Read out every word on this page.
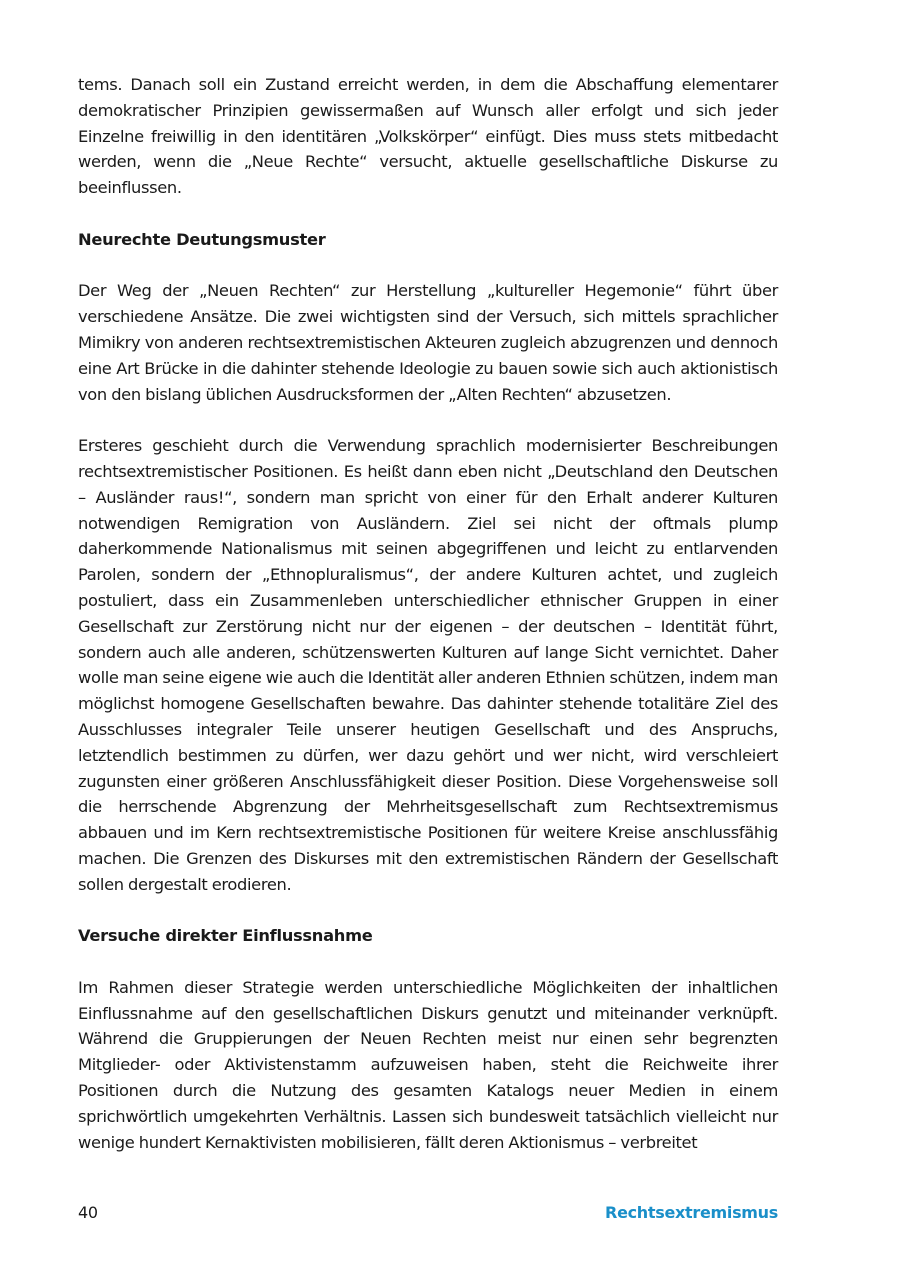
tems. Danach soll ein Zustand erreicht werden, in dem die Abschaffung elementarer demokratischer Prinzipien gewissermaßen auf Wunsch aller erfolgt und sich jeder Einzelne freiwillig in den identitären „Volkskörper“ einfügt. Dies muss stets mitbedacht werden, wenn die „Neue Rechte“ versucht, aktuelle gesellschaftliche Diskurse zu beeinflussen.

Neurechte Deutungsmuster

Der Weg der „Neuen Rechten“ zur Herstellung „kultureller Hegemonie“ führt über verschiedene Ansätze. Die zwei wichtigsten sind der Versuch, sich mittels sprachlicher Mimikry von anderen rechtsextremistischen Akteuren zugleich abzugrenzen und dennoch eine Art Brücke in die dahinter stehende Ideologie zu bauen sowie sich auch aktionistisch von den bislang üblichen Ausdrucksformen der „Alten Rechten“ abzusetzen.

Ersteres geschieht durch die Verwendung sprachlich modernisierter Beschreibungen rechtsextremistischer Positionen. Es heißt dann eben nicht „Deutschland den Deutschen – Ausländer raus!“, sondern man spricht von einer für den Erhalt anderer Kulturen notwendigen Remigration von Ausländern. Ziel sei nicht der oftmals plump daherkommende Nationalismus mit seinen abgegriffenen und leicht zu entlarvenden Parolen, sondern der „Ethnopluralismus“, der andere Kulturen achtet, und zugleich postuliert, dass ein Zusammenleben unterschiedlicher ethnischer Gruppen in einer Gesellschaft zur Zerstörung nicht nur der eigenen – der deutschen – Identität führt, sondern auch alle anderen, schützenswerten Kulturen auf lange Sicht vernichtet. Daher wolle man seine eigene wie auch die Identität aller anderen Ethnien schützen, indem man möglichst homogene Gesellschaften bewahre. Das dahinter stehende totalitäre Ziel des Ausschlusses integraler Teile unserer heutigen Gesellschaft und des Anspruchs, letztendlich bestimmen zu dürfen, wer dazu gehört und wer nicht, wird verschleiert zugunsten einer größeren Anschlussfähigkeit dieser Position. Diese Vorgehensweise soll die herrschende Abgrenzung der Mehrheitsgesellschaft zum Rechtsextremismus abbauen und im Kern rechtsextremistische Positionen für weitere Kreise anschlussfähig machen. Die Grenzen des Diskurses mit den extremistischen Rändern der Gesellschaft sollen dergestalt erodieren.

Versuche direkter Einflussnahme

Im Rahmen dieser Strategie werden unterschiedliche Möglichkeiten der inhaltlichen Einflussnahme auf den gesellschaftlichen Diskurs genutzt und miteinander verknüpft. Während die Gruppierungen der Neuen Rechten meist nur einen sehr begrenzten Mitglieder- oder Aktivistenstamm aufzuweisen haben, steht die Reichweite ihrer Positionen durch die Nutzung des gesamten Katalogs neuer Medien in einem sprichwörtlich umgekehrten Verhältnis. Lassen sich bundesweit tatsächlich vielleicht nur wenige hundert Kernaktivisten mobilisieren, fällt deren Aktionismus – verbreitet

40	Rechtsextremismus
